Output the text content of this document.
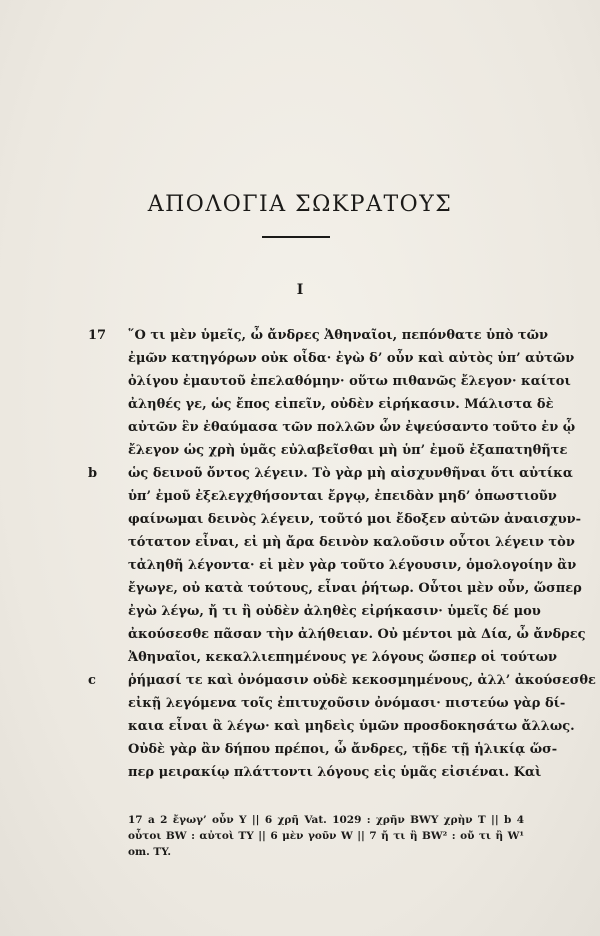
ΑΠΟΛΟΓΙΑ ΣΩΚΡΑΤΟΥΣ
I
17 ῞Ο τι μὲν ὑμεῖς, ὦ ἄνδρες Ἀθηναῖοι, πεπόνθατε ὑπὸ τῶν
ἐμῶν κατηγόρων οὐκ οἶδα· ἐγὼ δ’ οὖν καὶ αὐτὸς ὑπ’ αὐτῶν
ὀλίγου ἐμαυτοῦ ἐπελαθόμην· οὕτω πιθανῶς ἔλεγον· καίτοι
ἀληθές γε, ὡς ἔπος εἰπεῖν, οὐδὲν εἰρήκασιν. Μάλιστα δὲ
αὐτῶν ἓν ἐθαύμασα τῶν πολλῶν ὧν ἐψεύσαντο τοῦτο ἐν ᾧ
ἔλεγον ὡς χρὴ ὑμᾶς εὐλαβεῖσθαι μὴ ὑπ’ ἐμοῦ ἐξαπατηθῆτε
b ὡς δεινοῦ ὄντος λέγειν. Τὸ γὰρ μὴ αἰσχυνθῆναι ὅτι αὐτίκα
ὑπ’ ἐμοῦ ἐξελεγχθήσονται ἔργῳ, ἐπειδὰν μηδ’ ὁπωστιοῦν
φαίνωμαι δεινὸς λέγειν, τοῦτό μοι ἔδοξεν αὐτῶν ἀναισχυν-
τότατον εἶναι, εἰ μὴ ἄρα δεινὸν καλοῦσιν οὗτοι λέγειν τὸν
τἀληθῆ λέγοντα· εἰ μὲν γὰρ τοῦτο λέγουσιν, ὁμολογοίην ἂν
ἔγωγε, οὐ κατὰ τούτους, εἶναι ῥήτωρ. Οὗτοι μὲν οὖν, ὥσπερ
ἐγὼ λέγω, ἤ τι ἢ οὐδὲν ἀληθὲς εἰρήκασιν· ὑμεῖς δέ μου
ἀκούσεσθε πᾶσαν τὴν ἀλήθειαν. Οὐ μέντοι μὰ Δία, ὦ ἄνδρες
Ἀθηναῖοι, κεκαλλιεπημένους γε λόγους ὥσπερ οἱ τούτων
c ῥήμασί τε καὶ ὀνόμασιν οὐδὲ κεκοσμημένους, ἀλλ’ ἀκούσεσθε
εἰκῇ λεγόμενα τοῖς ἐπιτυχοῦσιν ὀνόμασι· πιστεύω γὰρ δί-
καια εἶναι ἃ λέγω· καὶ μηδεὶς ὑμῶν προσδοκησάτω ἄλλως.
Οὐδὲ γὰρ ἂν δήπου πρέποι, ὦ ἄνδρες, τῇδε τῇ ἡλικίᾳ ὥσ-
περ μειρακίῳ πλάττοντι λόγους εἰς ὑμᾶς εἰσιέναι. Καὶ
17 a 2 ἔγωγ’ οὖν Y || 6 χρῆ Vat. 1029 : χρῆν BWY χρὴν T || b 4
οὗτοι BW : αὐτοὶ TY || 6 μὲν γοῦν W || 7 ἤ τι ἢ BW² : οὔ τι ἢ W¹
om. TY.
